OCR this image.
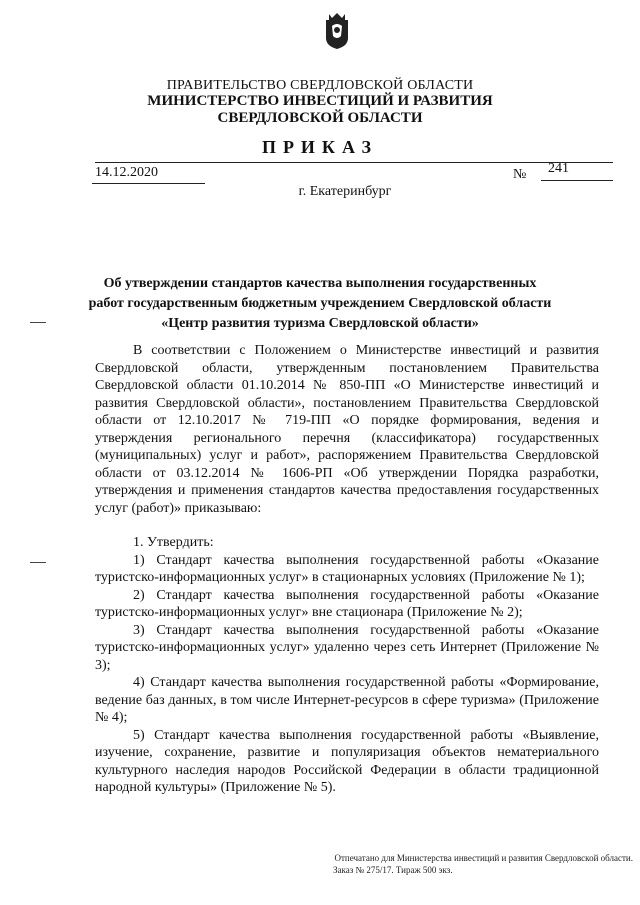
ПРАВИТЕЛЬСТВО СВЕРДЛОВСКОЙ ОБЛАСТИ
МИНИСТЕРСТВО ИНВЕСТИЦИЙ И РАЗВИТИЯ
СВЕРДЛОВСКОЙ ОБЛАСТИ
ПРИКАЗ
14.12.2020	№ 241
г. Екатеринбург
Об утверждении стандартов качества выполнения государственных
работ государственным бюджетным учреждением Свердловской области
«Центр развития туризма Свердловской области»

В соответствии с Положением о Министерстве инвестиций и развития Свердловской области, утвержденным постановлением Правительства Свердловской области 01.10.2014 № 850-ПП «О Министерстве инвестиций и развития Свердловской области», постановлением Правительства Свердловской области от 12.10.2017 № 719-ПП «О порядке формирования, ведения и утверждения регионального перечня (классификатора) государственных (муниципальных) услуг и работ», распоряжением Правительства Свердловской области от 03.12.2014 № 1606-РП «Об утверждении Порядка разработки, утверждения и применения стандартов качества предоставления государственных услуг (работ)» приказываю:

1. Утвердить:

1) Стандарт качества выполнения государственной работы «Оказание туристско-информационных услуг» в стационарных условиях (Приложение № 1);

2) Стандарт качества выполнения государственной работы «Оказание туристско-информационных услуг» вне стационара (Приложение № 2);

3) Стандарт качества выполнения государственной работы «Оказание туристско-информационных услуг» удаленно через сеть Интернет (Приложение № 3);

4) Стандарт качества выполнения государственной работы «Формирование, ведение баз данных, в том числе Интернет-ресурсов в сфере туризма» (Приложение № 4);

5) Стандарт качества выполнения государственной работы «Выявление, изучение, сохранение, развитие и популяризация объектов нематериального культурного наследия народов Российской Федерации в области традиционной народной культуры» (Приложение № 5).

Отпечатано для Министерства инвестиций и развития Свердловской области.
Заказ № 275/17. Тираж 500 экз.
